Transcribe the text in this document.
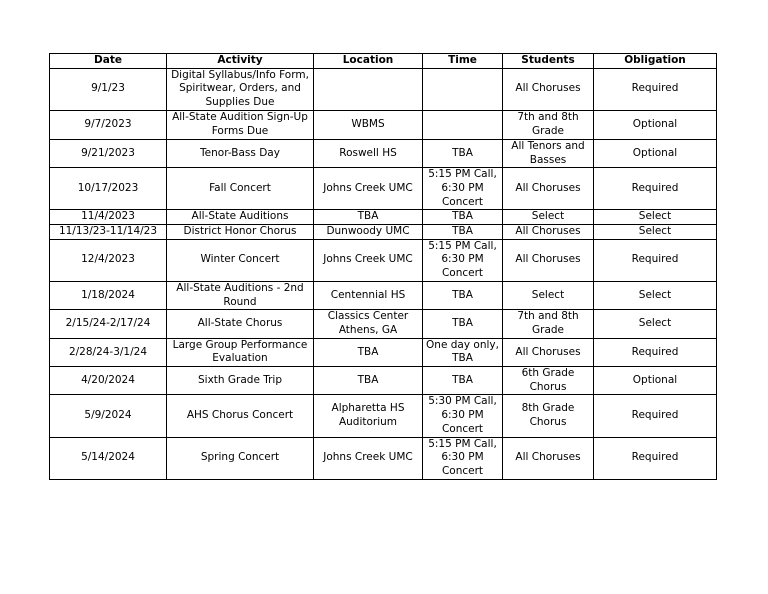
Date	Activity	Location	Time	Students	Obligation
9/1/23	Digital Syllabus/Info Form, Spiritwear, Orders, and Supplies Due			All Choruses	Required
9/7/2023	All-State Audition Sign-Up Forms Due	WBMS		7th and 8th Grade	Optional
9/21/2023	Tenor-Bass Day	Roswell HS	TBA	All Tenors and Basses	Optional
10/17/2023	Fall Concert	Johns Creek UMC	5:15 PM Call, 6:30 PM Concert	All Choruses	Required
11/4/2023	All-State Auditions	TBA	TBA	Select	Select
11/13/23-11/14/23	District Honor Chorus	Dunwoody UMC	TBA	All Choruses	Select
12/4/2023	Winter Concert	Johns Creek UMC	5:15 PM Call, 6:30 PM Concert	All Choruses	Required
1/18/2024	All-State Auditions - 2nd Round	Centennial HS	TBA	Select	Select
2/15/24-2/17/24	All-State Chorus	Classics Center Athens, GA	TBA	7th and 8th Grade	Select
2/28/24-3/1/24	Large Group Performance Evaluation	TBA	One day only, TBA	All Choruses	Required
4/20/2024	Sixth Grade Trip	TBA	TBA	6th Grade Chorus	Optional
5/9/2024	AHS Chorus Concert	Alpharetta HS Auditorium	5:30 PM Call, 6:30 PM Concert	8th Grade Chorus	Required
5/14/2024	Spring Concert	Johns Creek UMC	5:15 PM Call, 6:30 PM Concert	All Choruses	Required
